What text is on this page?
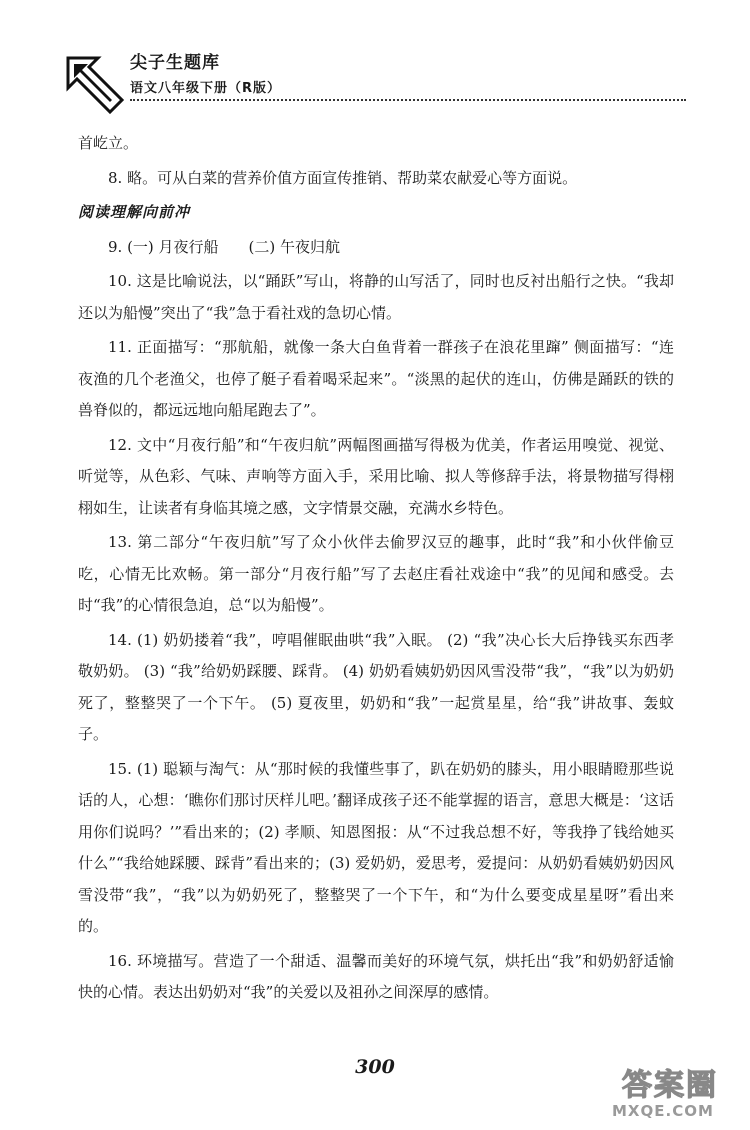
尖子生题库
语文八年级下册（R版）

首屹立。

8. 略。可从白菜的营养价值方面宣传推销、帮助菜农献爱心等方面说。

阅读理解向前冲

9. (一) 月夜行船　　(二) 午夜归航

10. 这是比喻说法，以“踊跃”写山，将静的山写活了，同时也反衬出船行之快。“我却还以为船慢”突出了“我”急于看社戏的急切心情。

11. 正面描写：“那航船，就像一条大白鱼背着一群孩子在浪花里蹿” 侧面描写：“连夜渔的几个老渔父，也停了艇子看着喝采起来”。“淡黑的起伏的连山，仿佛是踊跃的铁的兽脊似的，都远远地向船尾跑去了”。

12. 文中“月夜行船”和“午夜归航”两幅图画描写得极为优美，作者运用嗅觉、视觉、听觉等，从色彩、气味、声响等方面入手，采用比喻、拟人等修辞手法，将景物描写得栩栩如生，让读者有身临其境之感，文字情景交融，充满水乡特色。

13. 第二部分“午夜归航”写了众小伙伴去偷罗汉豆的趣事，此时“我”和小伙伴偷豆吃，心情无比欢畅。第一部分“月夜行船”写了去赵庄看社戏途中“我”的见闻和感受。去时“我”的心情很急迫，总“以为船慢”。

14. (1) 奶奶搂着“我”，哼唱催眠曲哄“我”入眠。 (2) “我”决心长大后挣钱买东西孝敬奶奶。 (3) “我”给奶奶踩腰、踩背。 (4) 奶奶看姨奶奶因风雪没带“我”，“我”以为奶奶死了，整整哭了一个下午。 (5) 夏夜里，奶奶和“我”一起赏星星，给“我”讲故事、轰蚊子。

15. (1) 聪颖与淘气：从“那时候的我懂些事了，趴在奶奶的膝头，用小眼睛瞪那些说话的人，心想：‘瞧你们那讨厌样儿吧。’翻译成孩子还不能掌握的语言，意思大概是：‘这话用你们说吗？’”看出来的；(2) 孝顺、知恩图报：从“不过我总想不好，等我挣了钱给她买什么”“我给她踩腰、踩背”看出来的；(3) 爱奶奶，爱思考，爱提问：从奶奶看姨奶奶因风雪没带“我”，“我”以为奶奶死了，整整哭了一个下午，和“为什么要变成星星呀”看出来的。

16. 环境描写。营造了一个甜适、温馨而美好的环境气氛，烘托出“我”和奶奶舒适愉快的心情。表达出奶奶对“我”的关爱以及祖孙之间深厚的感情。

300
答案圈
MXQE.COM
